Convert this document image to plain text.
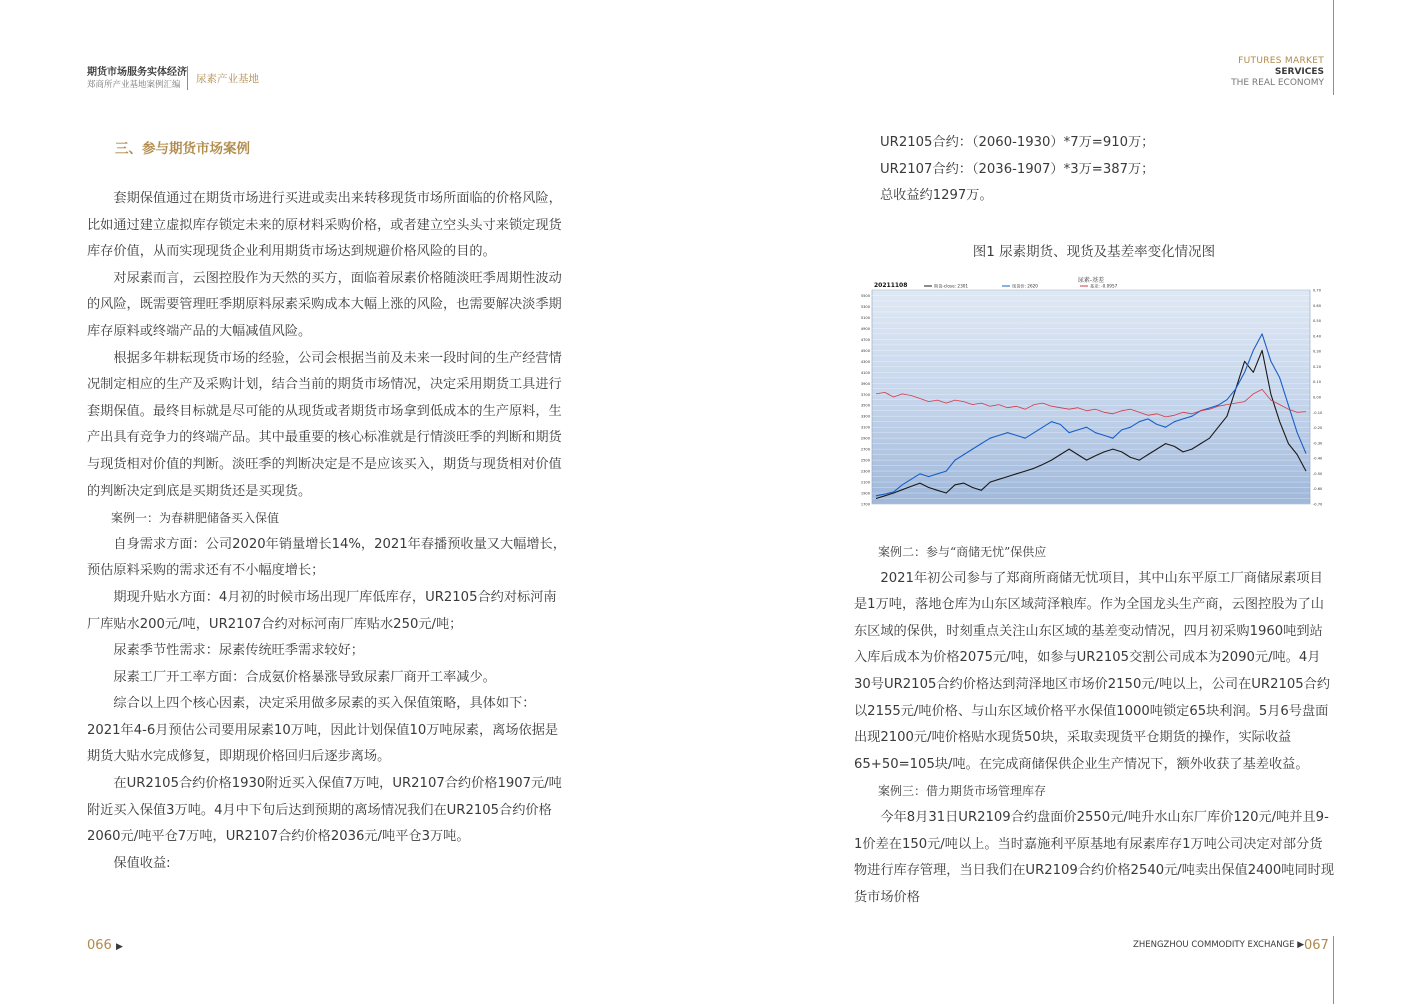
期货市场服务实体经济
郑商所产业基地案例汇编	尿素产业基地
FUTURES MARKET
SERVICES
THE REAL ECONOMY
三、参与期货市场案例

套期保值通过在期货市场进行买进或卖出来转移现货市场所面临的价格风险，比如通过建立虚拟库存锁定未来的原材料采购价格，或者建立空头头寸来锁定现货库存价值，从而实现现货企业利用期货市场达到规避价格风险的目的。

对尿素而言，云图控股作为天然的买方，面临着尿素价格随淡旺季周期性波动的风险，既需要管理旺季期原料尿素采购成本大幅上涨的风险，也需要解决淡季期库存原料或终端产品的大幅减值风险。

根据多年耕耘现货市场的经验，公司会根据当前及未来一段时间的生产经营情况制定相应的生产及采购计划，结合当前的期货市场情况，决定采用期货工具进行套期保值。最终目标就是尽可能的从现货或者期货市场拿到低成本的生产原料，生产出具有竞争力的终端产品。其中最重要的核心标准就是行情淡旺季的判断和期货与现货相对价值的判断。淡旺季的判断决定是不是应该买入，期货与现货相对价值的判断决定到底是买期货还是买现货。

案例一：为春耕肥储备买入保值

自身需求方面：公司2020年销量增长14%，2021年春播预收量又大幅增长，预估原料采购的需求还有不小幅度增长；

期现升贴水方面：4月初的时候市场出现厂库低库存，UR2105合约对标河南厂库贴水200元/吨，UR2107合约对标河南厂库贴水250元/吨；

尿素季节性需求：尿素传统旺季需求较好；

尿素工厂开工率方面：合成氨价格暴涨导致尿素厂商开工率减少。

综合以上四个核心因素，决定采用做多尿素的买入保值策略，具体如下：2021年4-6月预估公司要用尿素10万吨，因此计划保值10万吨尿素，离场依据是期货大贴水完成修复，即期现价格回归后逐步离场。

在UR2105合约价格1930附近买入保值7万吨，UR2107合约价格1907元/吨附近买入保值3万吨。4月中下旬后达到预期的离场情况我们在UR2105合约价格2060元/吨平仓7万吨，UR2107合约价格2036元/吨平仓3万吨。

保值收益:

UR2105合约：（2060-1930）*7万=910万；

UR2107合约：（2036-1907）*3万=387万；

总收益约1297万。

图1 尿素期货、现货及基差率变化情况图
1700
1900
2100
2300
2500
2700
2900
3100
3300
3500
3700
3900
4100
4300
4500
4700
4900
5100
5300
5500
-0.70
-0.60
-0.50
-0.40
-0.30
-0.20
-0.10
0.00
0.10
0.20
0.30
0.40
0.50
0.60
0.70
20211108
尿素-基差
期货-close: 2301	现货价: 2620	基差: -0.0957

案例二：参与“商储无忧”保供应

2021年初公司参与了郑商所商储无忧项目，其中山东平原工厂商储尿素项目是1万吨，落地仓库为山东区域菏泽粮库。作为全国龙头生产商，云图控股为了山东区域的保供，时刻重点关注山东区域的基差变动情况，四月初采购1960吨到站入库后成本为价格2075元/吨，如参与UR2105交割公司成本为2090元/吨。4月30号UR2105合约价格达到菏泽地区市场价2150元/吨以上，公司在UR2105合约以2155元/吨价格、与山东区域价格平水保值1000吨锁定65块利润。5月6号盘面出现2100元/吨价格贴水现货50块，采取卖现货平仓期货的操作，实际收益65+50=105块/吨。在完成商储保供企业生产情况下，额外收获了基差收益。

案例三：借力期货市场管理库存

今年8月31日UR2109合约盘面价2550元/吨升水山东厂库价120元/吨并且9-1价差在150元/吨以上。当时嘉施利平原基地有尿素库存1万吨公司决定对部分货物进行库存管理，当日我们在UR2109合约价格2540元/吨卖出保值2400吨同时现货市场价格

066 ▶	ZHENGZHOU COMMODITY EXCHANGE ▶ 067
